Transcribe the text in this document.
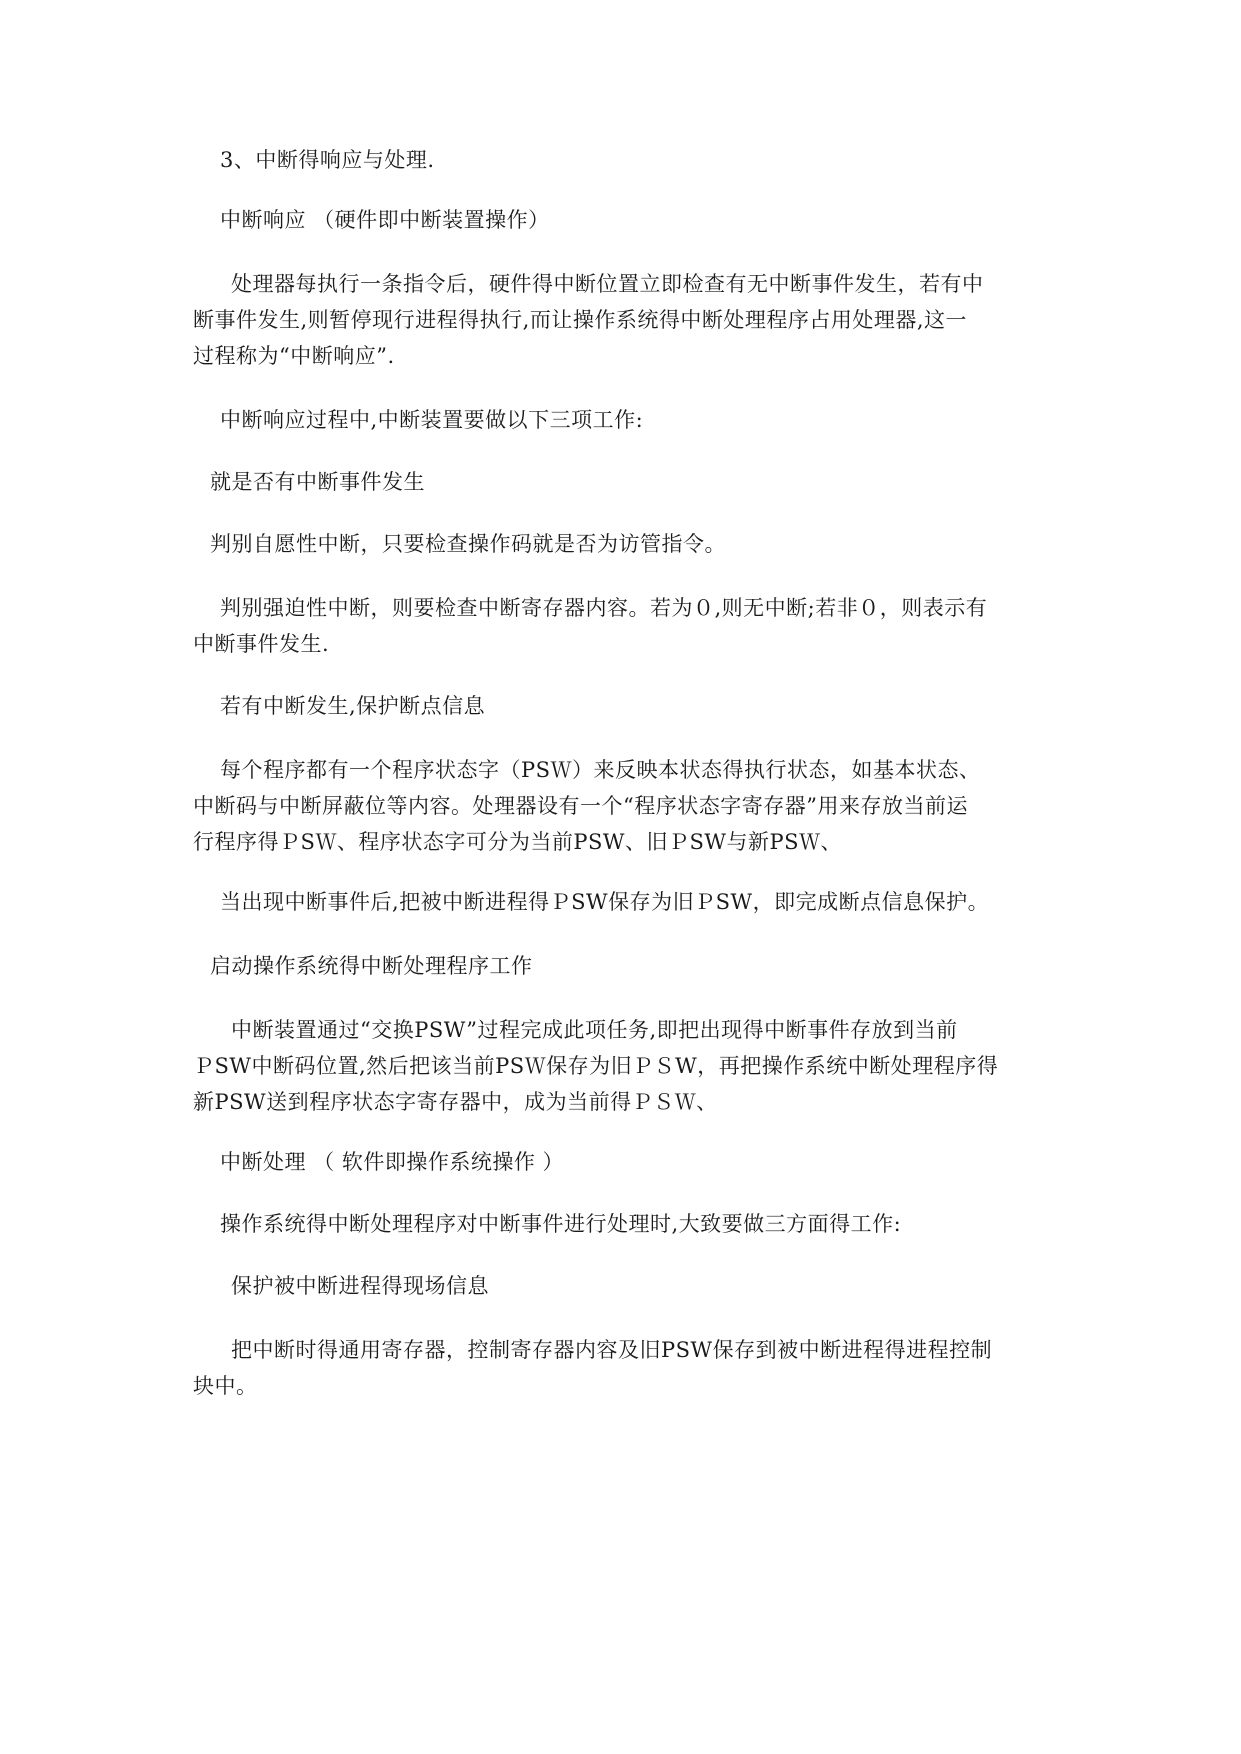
3、中断得响应与处理.
中断响应 （硬件即中断装置操作）
处理器每执行一条指令后，硬件得中断位置立即检查有无中断事件发生，若有中
断事件发生,则暂停现行进程得执行,而让操作系统得中断处理程序占用处理器,这一
过程称为“中断响应”.
中断响应过程中,中断装置要做以下三项工作:
就是否有中断事件发生
判别自愿性中断，只要检查操作码就是否为访管指令。
判别强迫性中断，则要检查中断寄存器内容。若为０,则无中断;若非０，则表示有
中断事件发生.
若有中断发生,保护断点信息
每个程序都有一个程序状态字（PSＷ）来反映本状态得执行状态，如基本状态、
中断码与中断屏蔽位等内容。处理器设有一个“程序状态字寄存器”用来存放当前运
行程序得ＰSＷ、程序状态字可分为当前PSW、旧ＰSW与新PSＷ、
当出现中断事件后,把被中断进程得ＰSW保存为旧ＰSW，即完成断点信息保护。
启动操作系统得中断处理程序工作
中断装置通过“交换PSW”过程完成此项任务,即把出现得中断事件存放到当前
ＰSW中断码位置,然后把该当前PSＷ保存为旧ＰＳW，再把操作系统中断处理程序得
新PSW送到程序状态字寄存器中，成为当前得ＰＳＷ、
中断处理 （ 软件即操作系统操作 ）
操作系统得中断处理程序对中断事件进行处理时,大致要做三方面得工作:
保护被中断进程得现场信息
把中断时得通用寄存器，控制寄存器内容及旧PSW保存到被中断进程得进程控制
块中。
